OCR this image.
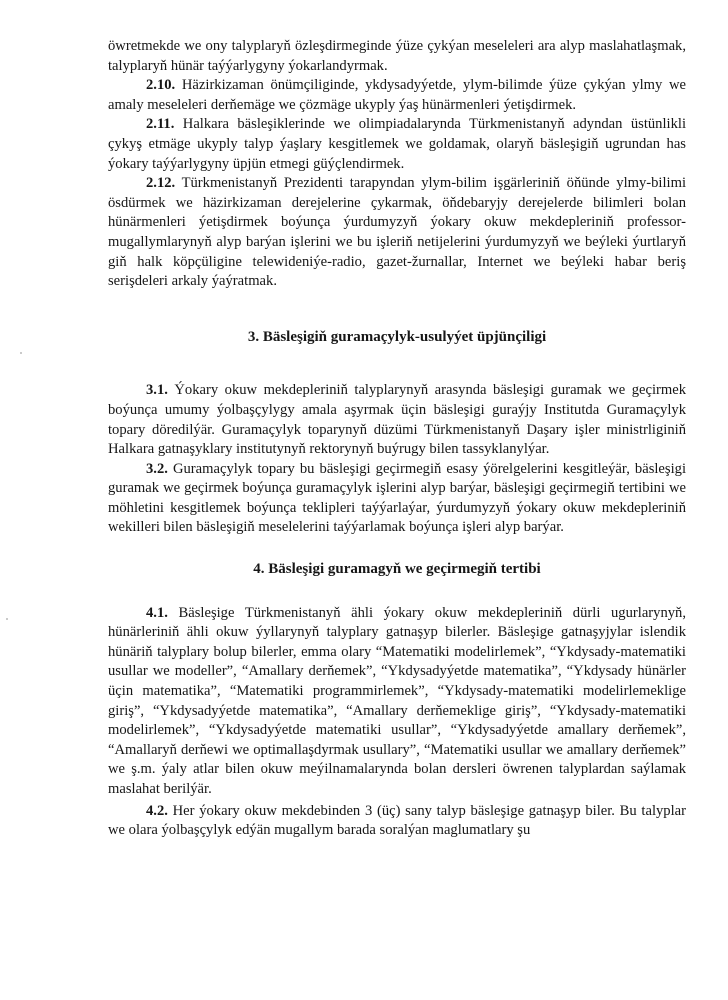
öwretmekde we ony talyplaryň özleşdirmeginde ýüze çykýan meseleleri ara alyp maslahatlaşmak, talyplaryň hünär taýýarlygyny ýokarlandyrmak.

2.10. Häzirkizaman önümçiliginde, ykdysadyýetde, ylym-bilimde ýüze çykýan ylmy we amaly meseleleri derňemäge we çözmäge ukyply ýaş hünärmenleri ýetişdirmek.

2.11. Halkara bäsleşiklerinde we olimpiadalarynda Türkmenistanyň adyndan üstünlikli çykyş etmäge ukyply talyp ýaşlary kesgitlemek we goldamak, olaryň bäsleşigiň ugrundan has ýokary taýýarlygyny üpjün etmegi güýçlendirmek.

2.12. Türkmenistanyň Prezidenti tarapyndan ylym-bilim işgärleriniň öňünde ylmy-bilimi ösdürmek we häzirkizaman derejelerine çykarmak, öňdebaryjy derejelerde bilimleri bolan hünärmenleri ýetişdirmek boýunça ýurdumyzyň ýokary okuw mekdepleriniň professor-mugallymlarynyň alyp barýan işlerini we bu işleriň netijelerini ýurdumyzyň we beýleki ýurtlaryň giň halk köpçüligine telewideniýe-radio, gazet-žurnallar, Internet we beýleki habar beriş serişdeleri arkaly ýaýratmak.

3. Bäsleşigiň guramaçylyk-usulyýet üpjünçiligi

3.1. Ýokary okuw mekdepleriniň talyplarynyň arasynda bäsleşigi guramak we geçirmek boýunça umumy ýolbaşçylygy amala aşyrmak üçin bäsleşigi guraýjy Institutda Guramaçylyk topary döredilýär. Guramaçylyk toparynyň düzümi Türkmenistanyň Daşary işler ministrliginiň Halkara gatnaşyklary institutynyň rektorynyň buýrugy bilen tassyklanylýar.

3.2. Guramaçylyk topary bu bäsleşigi geçirmegiň esasy ýörelgelerini kesgitleýär, bäsleşigi guramak we geçirmek boýunça guramaçylyk işlerini alyp barýar, bäsleşigi geçirmegiň tertibini we möhletini kesgitlemek boýunça teklipleri taýýarlaýar, ýurdumyzyň ýokary okuw mekdepleriniň wekilleri bilen bäsleşigiň meselelerini taýýarlamak boýunça işleri alyp barýar.

4. Bäsleşigi guramagyň we geçirmegiň tertibi

4.1. Bäsleşige Türkmenistanyň ähli ýokary okuw mekdepleriniň dürli ugurlarynyň, hünärleriniň ähli okuw ýyllarynyň talyplary gatnaşyp bilerler. Bäsleşige gatnaşyjylar islendik hünäriň talyplary bolup bilerler, emma olary “Matematiki modelirlemek”, “Ykdysady-matematiki usullar we modeller”, “Amallary derňemek”, “Ykdysadyýetde matematika”, “Ykdysady hünärler üçin matematika”, “Matematiki programmirlemek”, “Ykdysady-matematiki modelirlemeklige giriş”, “Ykdysadyýetde matematika”, “Amallary derňemeklige giriş”, “Ykdysady-matematiki modelirlemek”, “Ykdysadyýetde matematiki usullar”, “Ykdysadyýetde amallary derňemek”, “Amallaryň derňewi we optimallaşdyrmak usullary”, “Matematiki usullar we amallary derňemek” we ş.m. ýaly atlar bilen okuw meýilnamalarynda bolan dersleri öwrenen talyplardan saýlamak maslahat berilýär.

4.2. Her ýokary okuw mekdebinden 3 (üç) sany talyp bäsleşige gatnaşyp biler. Bu talyplar we olara ýolbaşçylyk edýän mugallym barada soralýan maglumatlary şu
